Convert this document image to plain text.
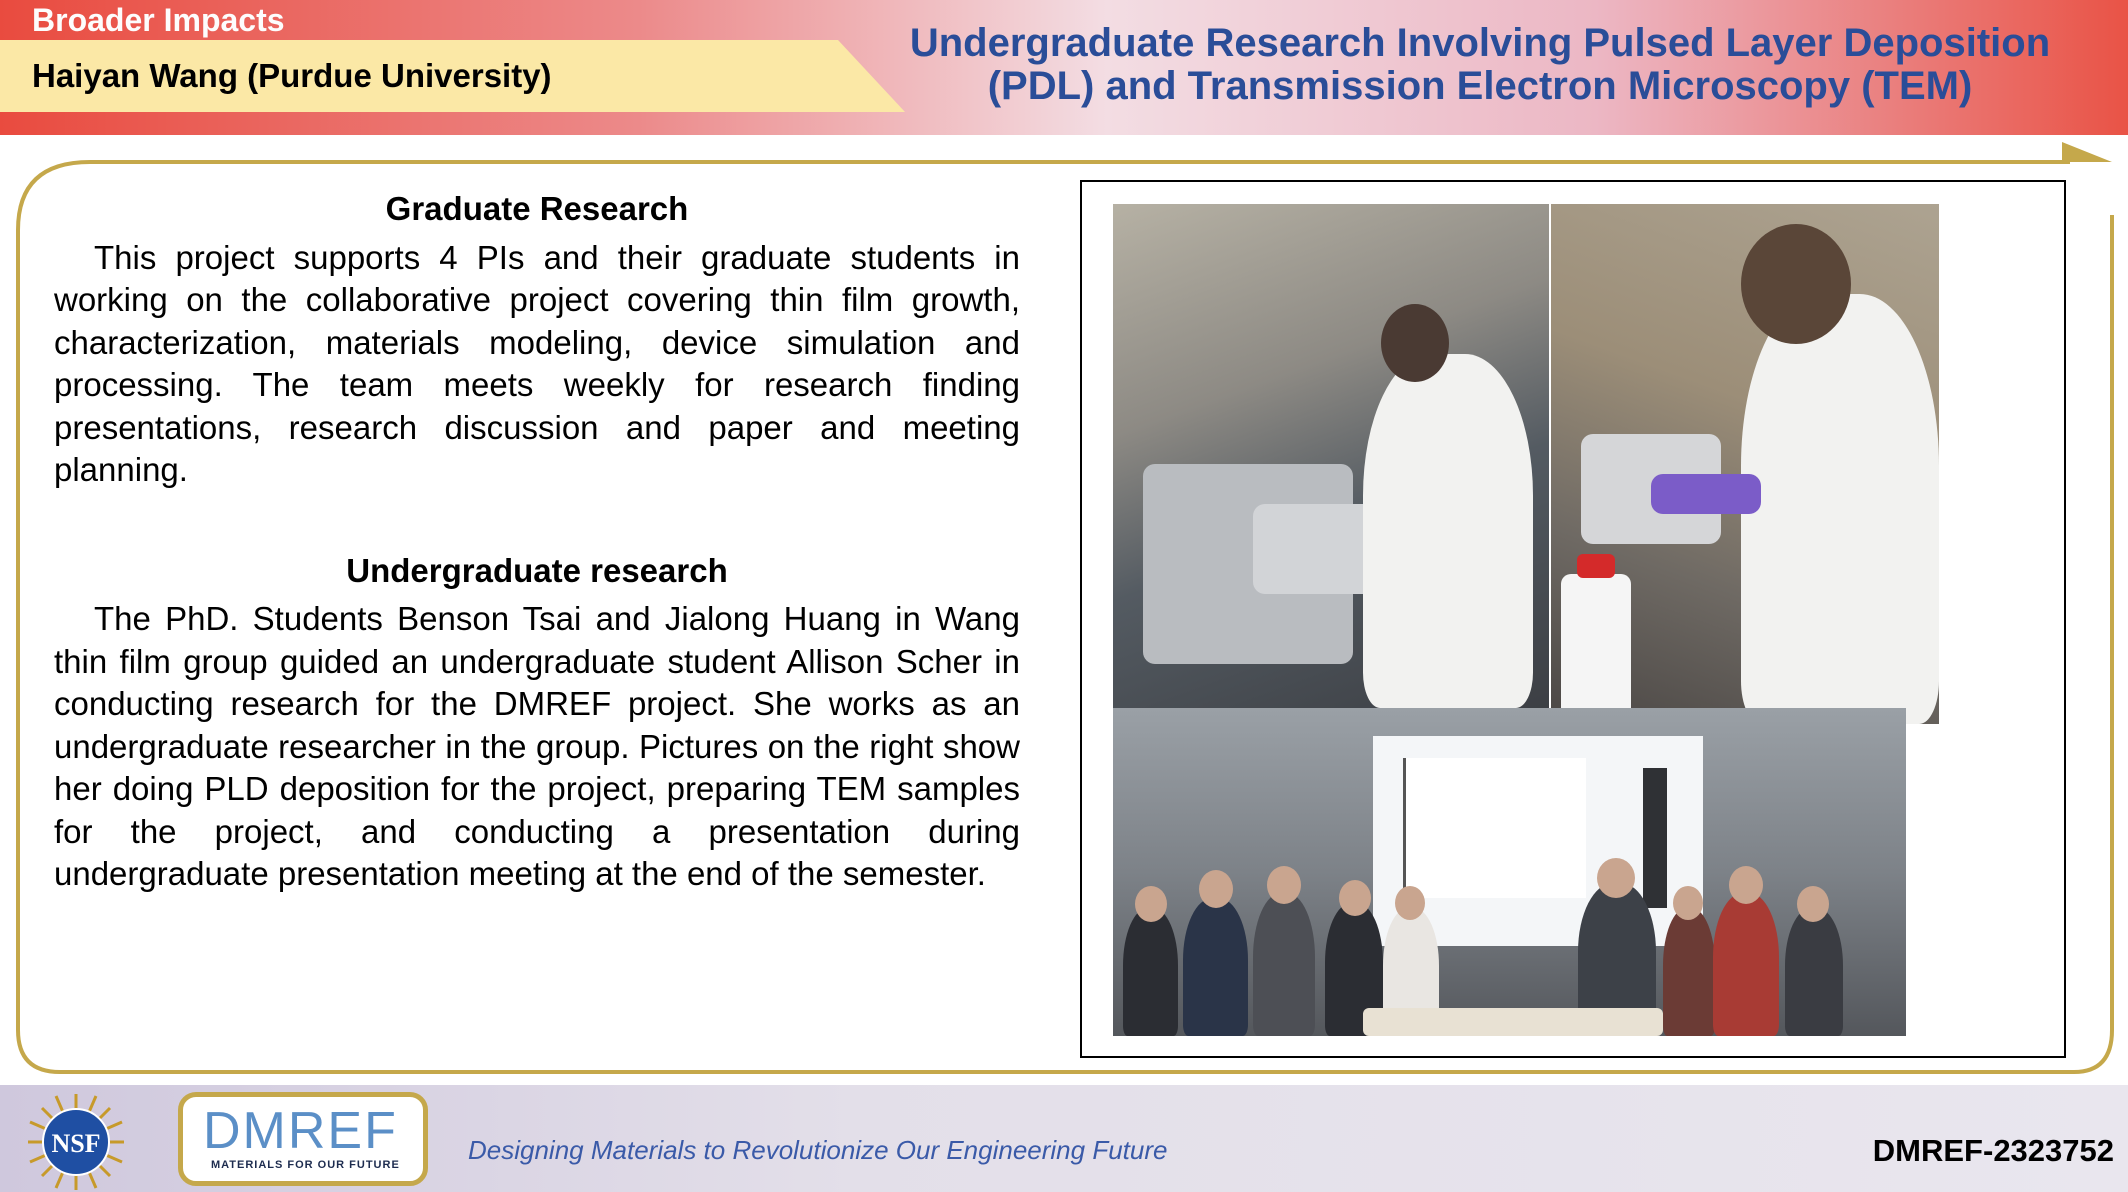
Broader Impacts
Haiyan Wang (Purdue University)
Undergraduate Research Involving Pulsed Layer Deposition
(PDL) and Transmission Electron Microscopy (TEM)
Graduate Research

This project supports 4 PIs and their graduate students in working on the collaborative project covering thin film growth, characterization, materials modeling, device simulation and processing. The team meets weekly for research finding presentations, research discussion and paper and meeting planning.

Undergraduate research

The PhD. Students Benson Tsai and Jialong Huang in Wang thin film group guided an undergraduate student Allison Scher in conducting research for the DMREF project. She works as an undergraduate researcher in the group. Pictures on the right show her doing PLD deposition for the project, preparing TEM samples for the project, and conducting a presentation during undergraduate presentation meeting at the end of the semester.

NSF DMREF
MATERIALS FOR OUR FUTURE	Designing Materials to Revolutionize Our Engineering Future	DMREF-2323752
